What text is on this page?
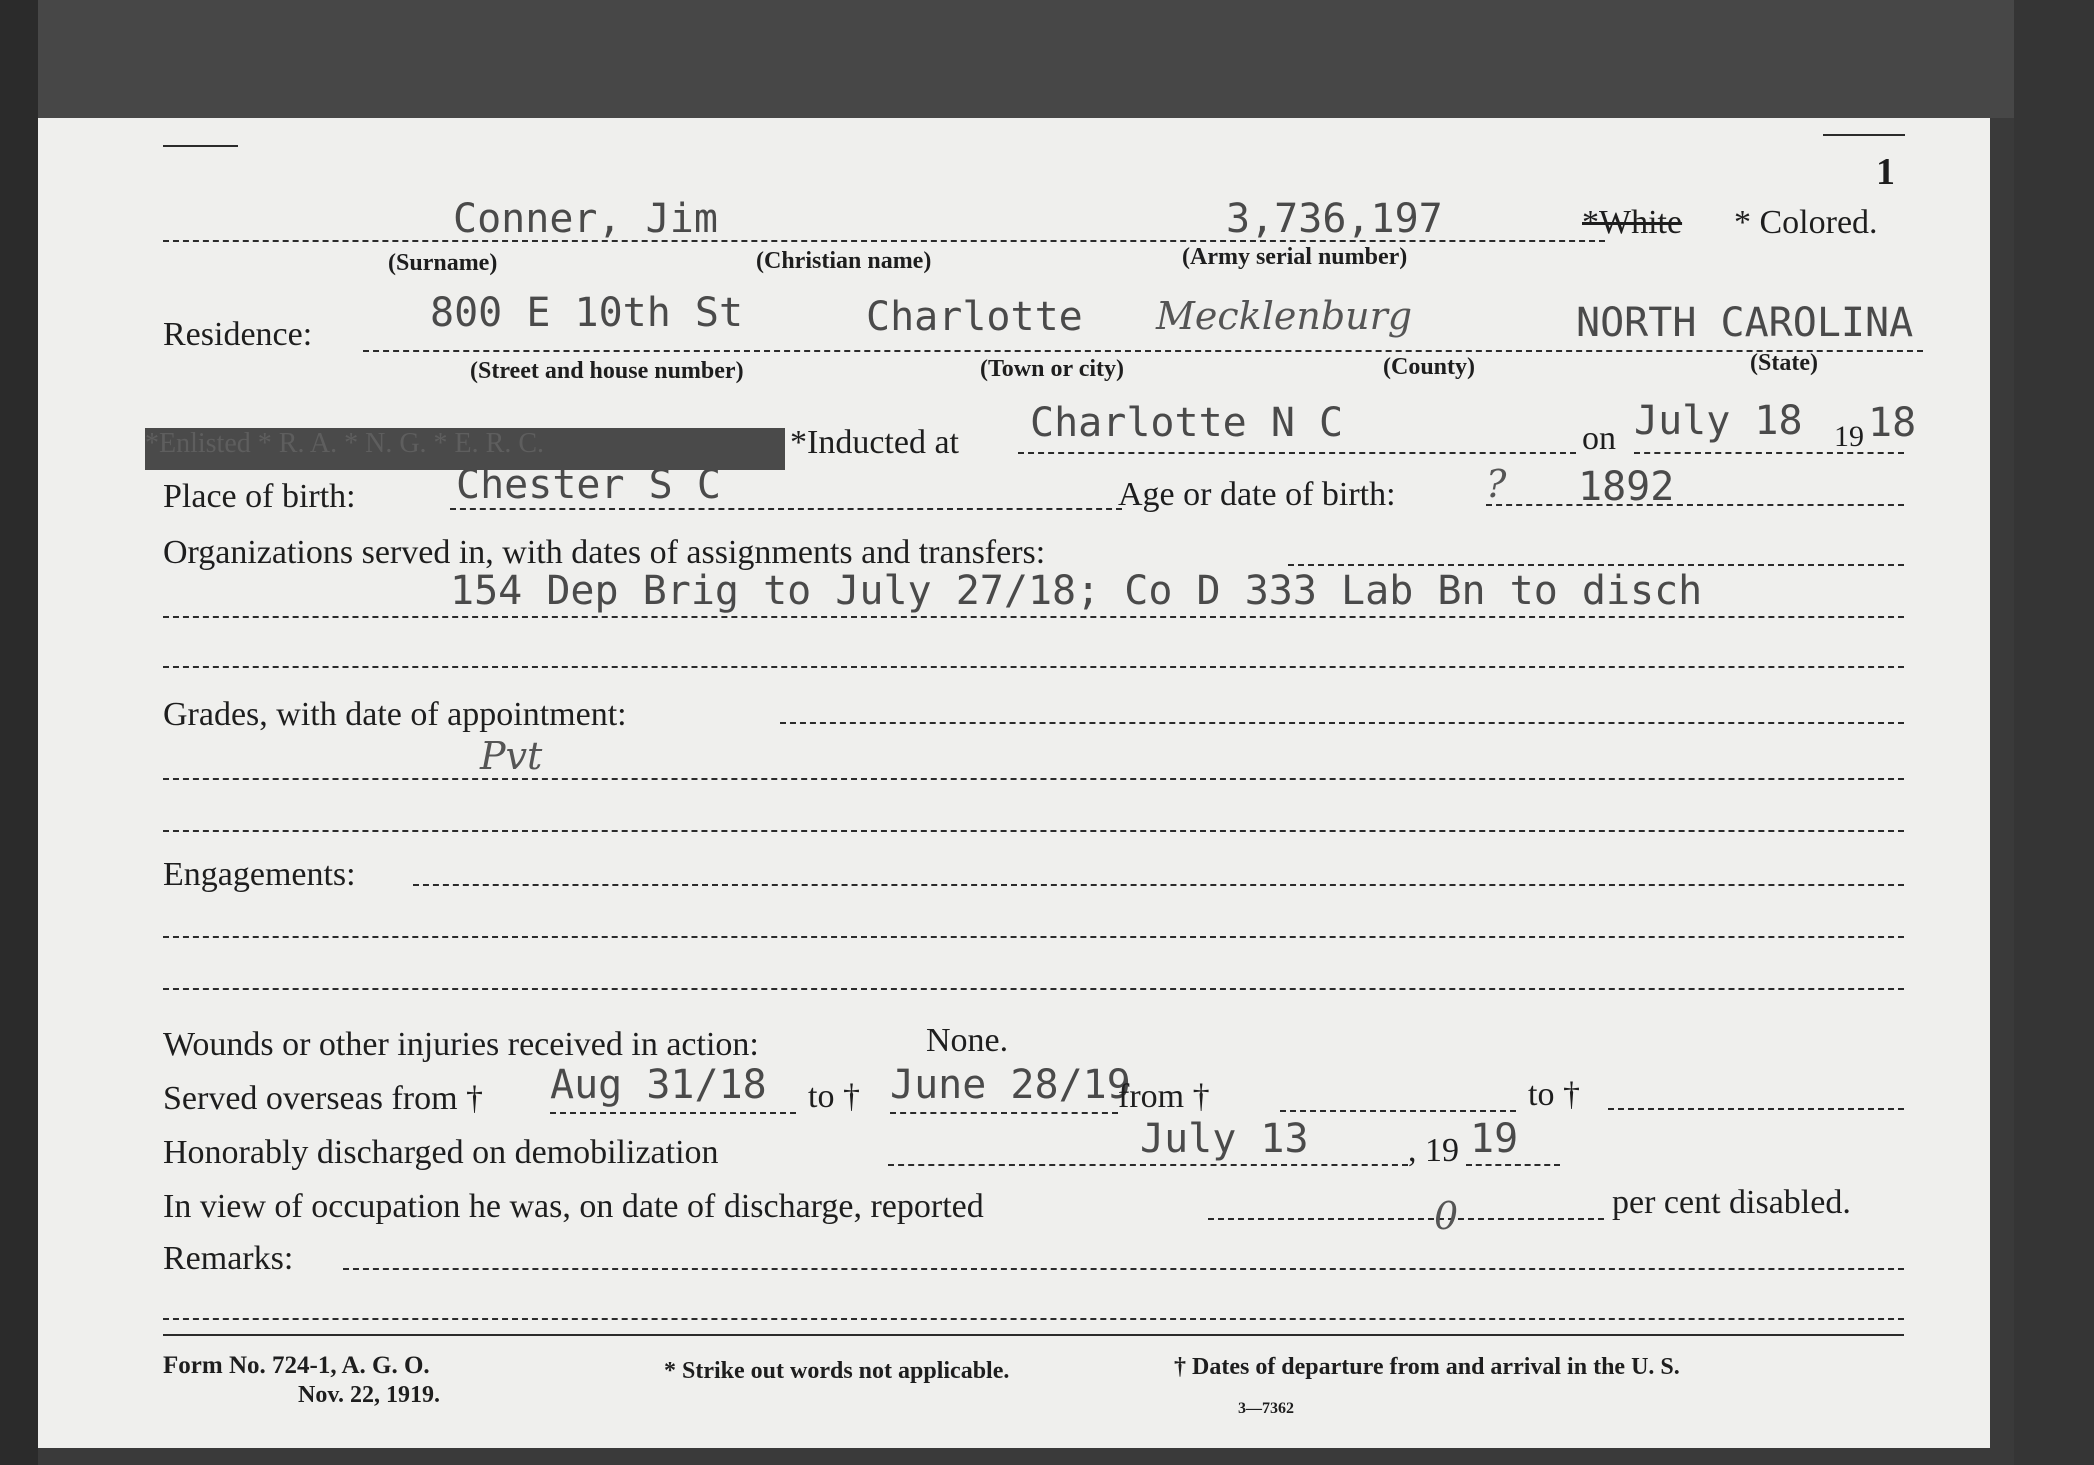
1
Conner, Jim	3,736,197	*White * Colored.
(Surname)	(Christian name)	(Army serial number)
Residence:	800 E 10th St	Charlotte Mecklenburg	NORTH CAROLINA
(Street and house number)	(Town or city)	(County)	(State)
*Enlisted * R. A. * N. G. * E. R. C.	*Inducted at Charlotte N C	on July 18 19 18
Place of birth:	Chester S C	Age or date of birth: ? 1892
Organizations served in, with dates of assignments and transfers:
154 Dep Brig to July 27/18; Co D 333 Lab Bn to disch
Grades, with date of appointment:
Pvt
Engagements:
Wounds or other injuries received in action:	None.
Served overseas from † Aug 31/18 to † June 28/19
from †	to †
Honorably discharged on demobilization	July 13	, 19 19
In view of occupation he was, on date of discharge, reported	0	per cent disabled.
Remarks:
Form No. 724-1, A. G. O.
Nov. 22, 1919.
* Strike out words not applicable.	† Dates of departure from and arrival in the U. S.
3—7362
